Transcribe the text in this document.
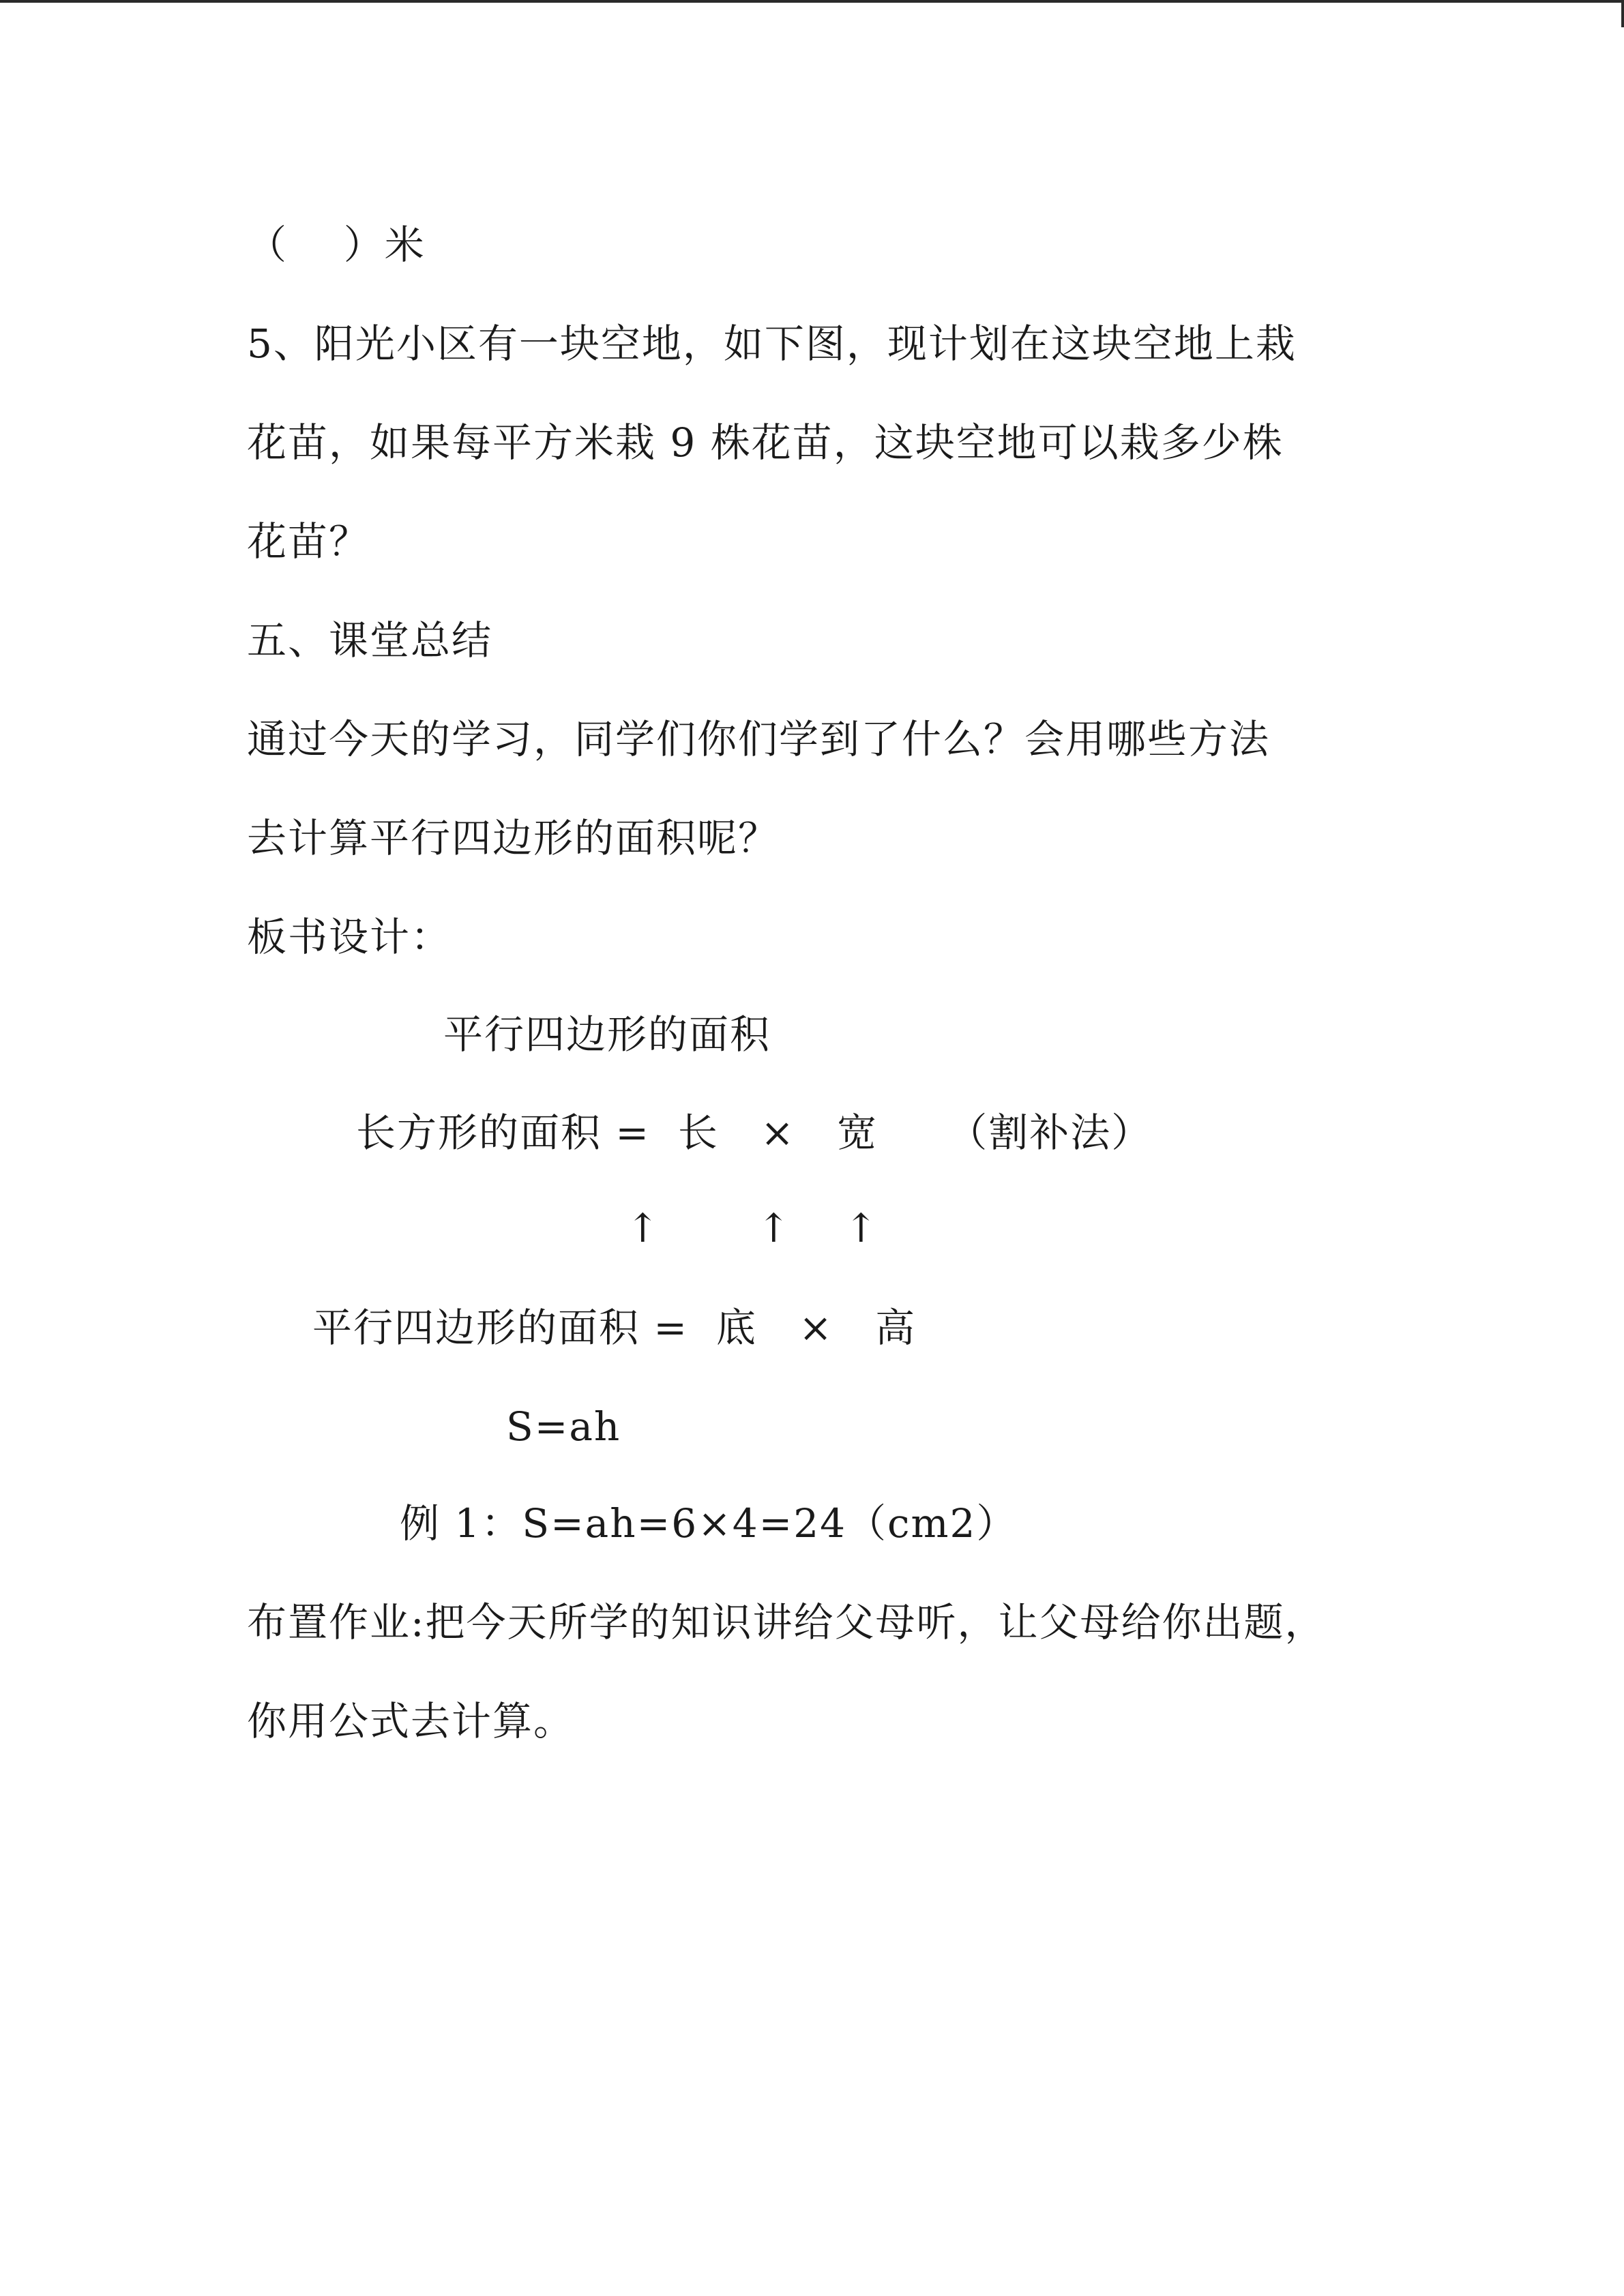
（    ）米
5、阳光小区有一块空地，如下图，现计划在这块空地上栽
花苗，如果每平方米栽 9 株花苗，这块空地可以栽多少株
花苗？
五、课堂总结
通过今天的学习，同学们你们学到了什么？会用哪些方法
去计算平行四边形的面积呢？
板书设计：
平行四边形的面积
长方形的面积 =  长   ×   宽     （割补法）
↑ ↑ ↑
平行四边形的面积 =  底   ×   高
S=ah
例 1：S=ah=6×4=24（cm2）
布置作业:把今天所学的知识讲给父母听，让父母给你出题，
你用公式去计算。
